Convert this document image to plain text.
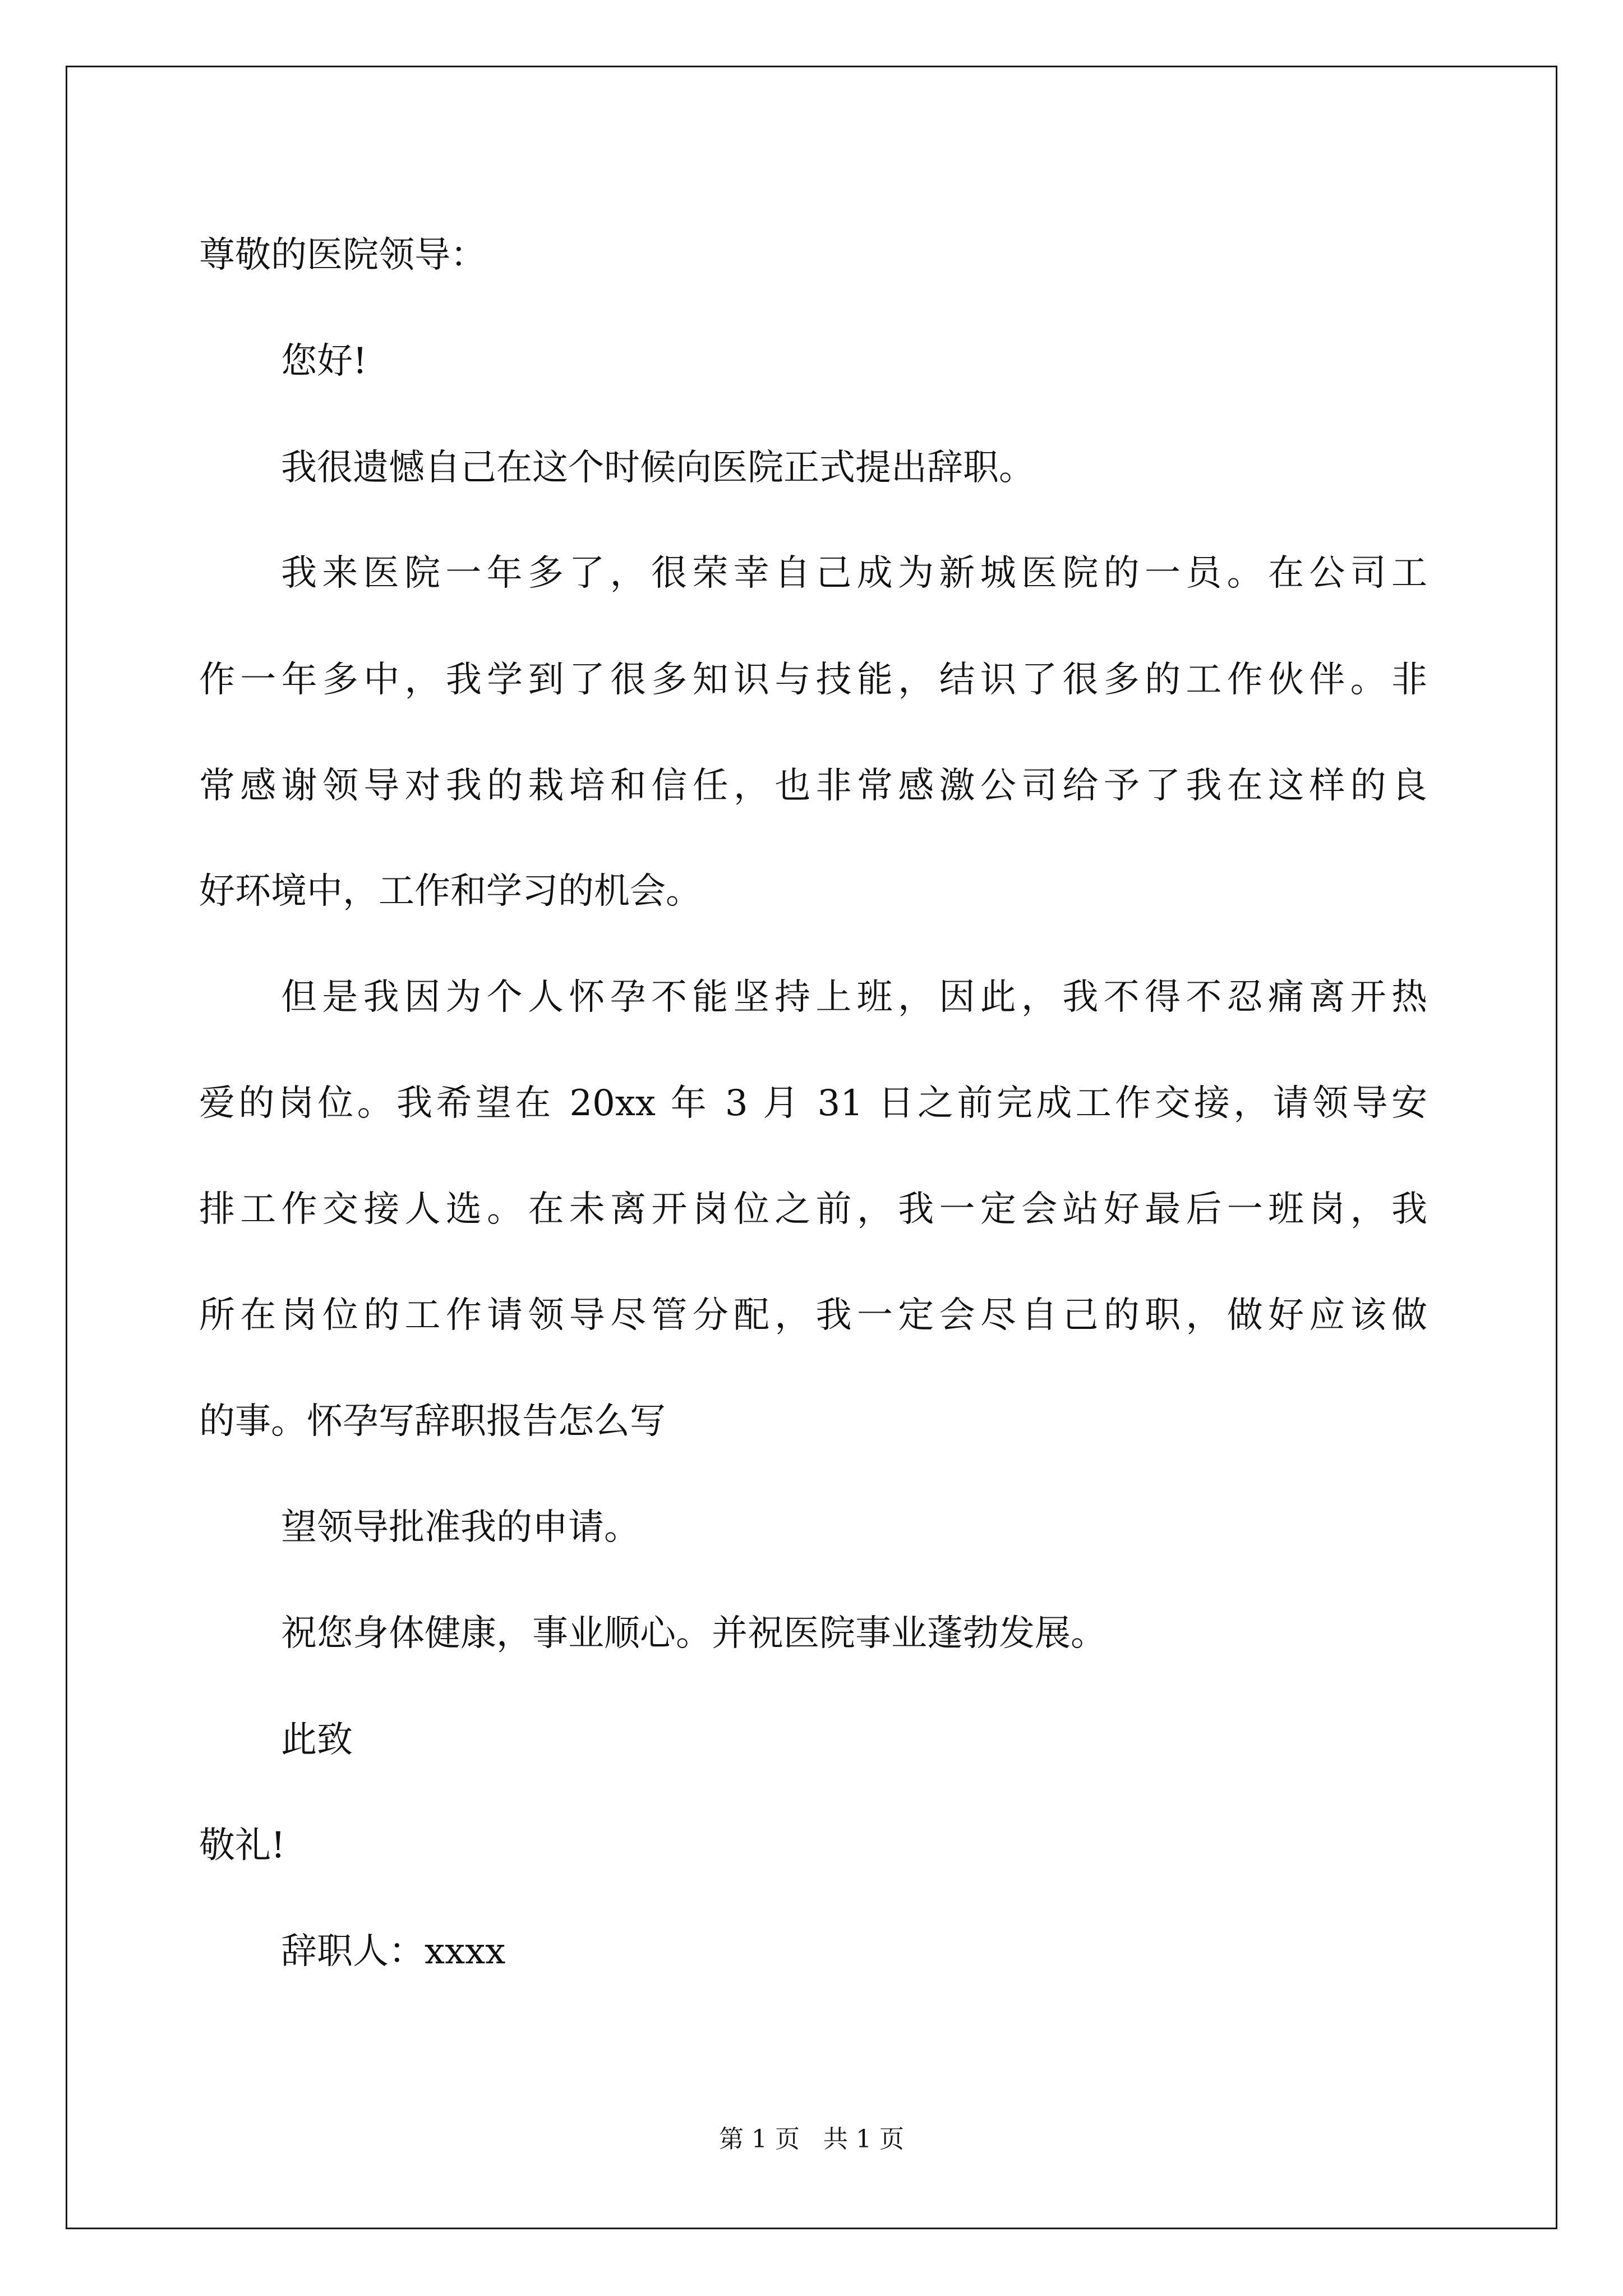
尊敬的医院领导：
您好!
我很遗憾自己在这个时候向医院正式提出辞职。
我来医院一年多了，很荣幸自己成为新城医院的一员。在公司工
作一年多中，我学到了很多知识与技能，结识了很多的工作伙伴。非
常感谢领导对我的栽培和信任，也非常感激公司给予了我在这样的良
好环境中，工作和学习的机会。
但是我因为个人怀孕不能坚持上班，因此，我不得不忍痛离开热
爱的岗位。我希望在 20xx 年 3 月 31 日之前完成工作交接，请领导安
排工作交接人选。在未离开岗位之前，我一定会站好最后一班岗，我
所在岗位的工作请领导尽管分配，我一定会尽自己的职，做好应该做
的事。怀孕写辞职报告怎么写
望领导批准我的申请。
祝您身体健康，事业顺心。并祝医院事业蓬勃发展。
此致
敬礼!
辞职人：xxxx
第 1 页   共 1 页
